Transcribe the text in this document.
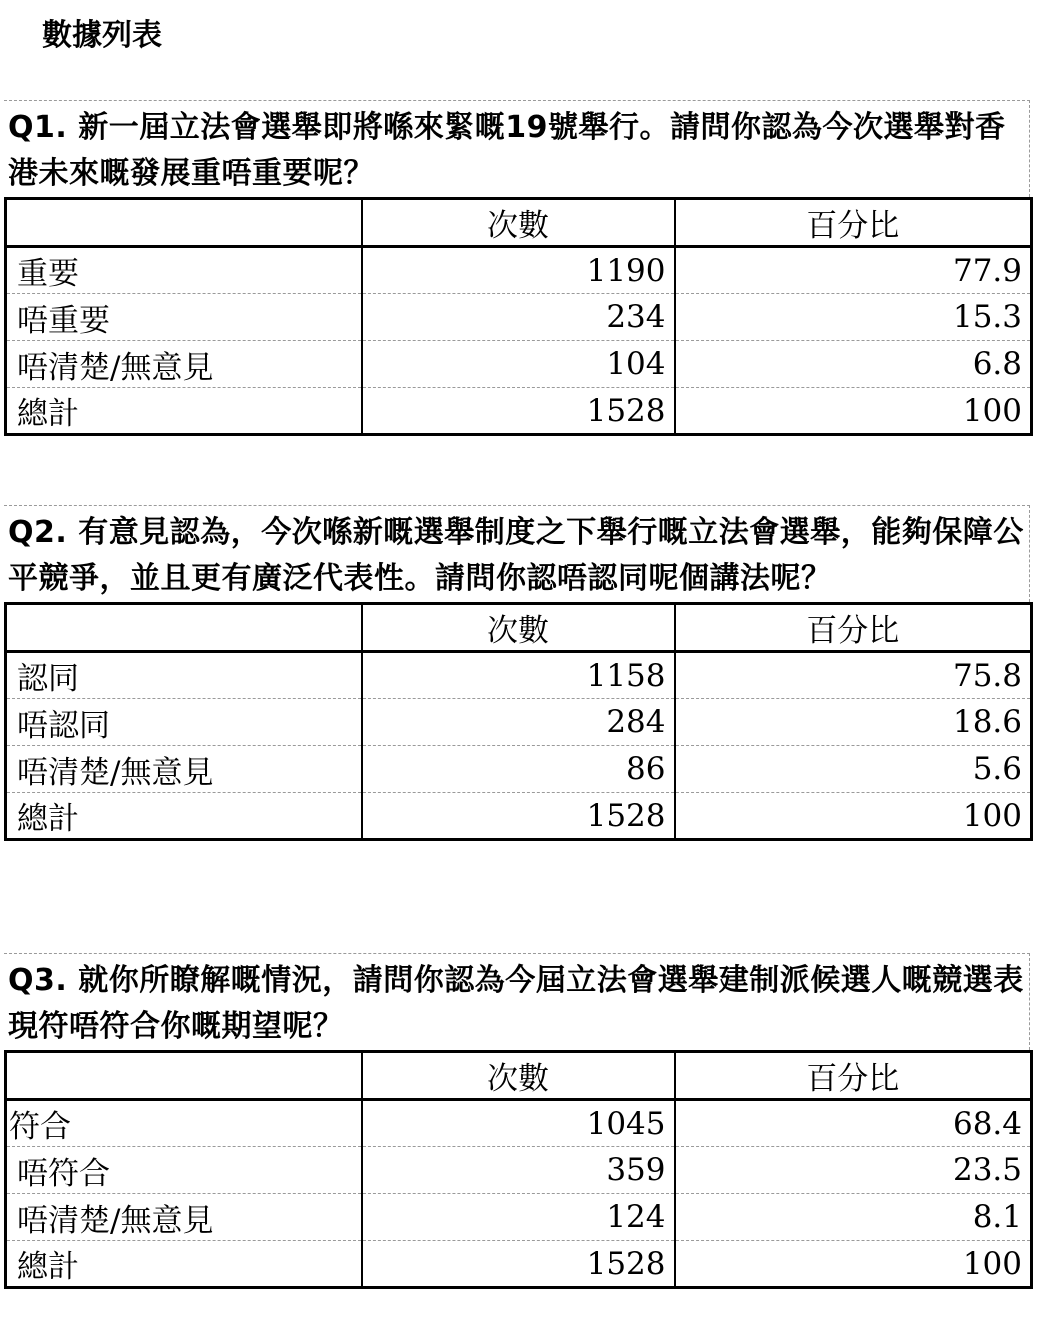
數據列表
Q1. 新一屆立法會選舉即將喺來緊嘅19號舉行。請問你認為今次選舉對香港未來嘅發展重唔重要呢？
	次數	百分比
重要	1190	77.9
唔重要	234	15.3
唔清楚/無意見	104	6.8
總計	1528	100
Q2. 有意見認為，今次喺新嘅選舉制度之下舉行嘅立法會選舉，能夠保障公平競爭，並且更有廣泛代表性。請問你認唔認同呢個講法呢？
	次數	百分比
認同	1158	75.8
唔認同	284	18.6
唔清楚/無意見	86	5.6
總計	1528	100
Q3. 就你所瞭解嘅情況，請問你認為今屆立法會選舉建制派候選人嘅競選表現符唔符合你嘅期望呢？
	次數	百分比
符合	1045	68.4
唔符合	359	23.5
唔清楚/無意見	124	8.1
總計	1528	100
